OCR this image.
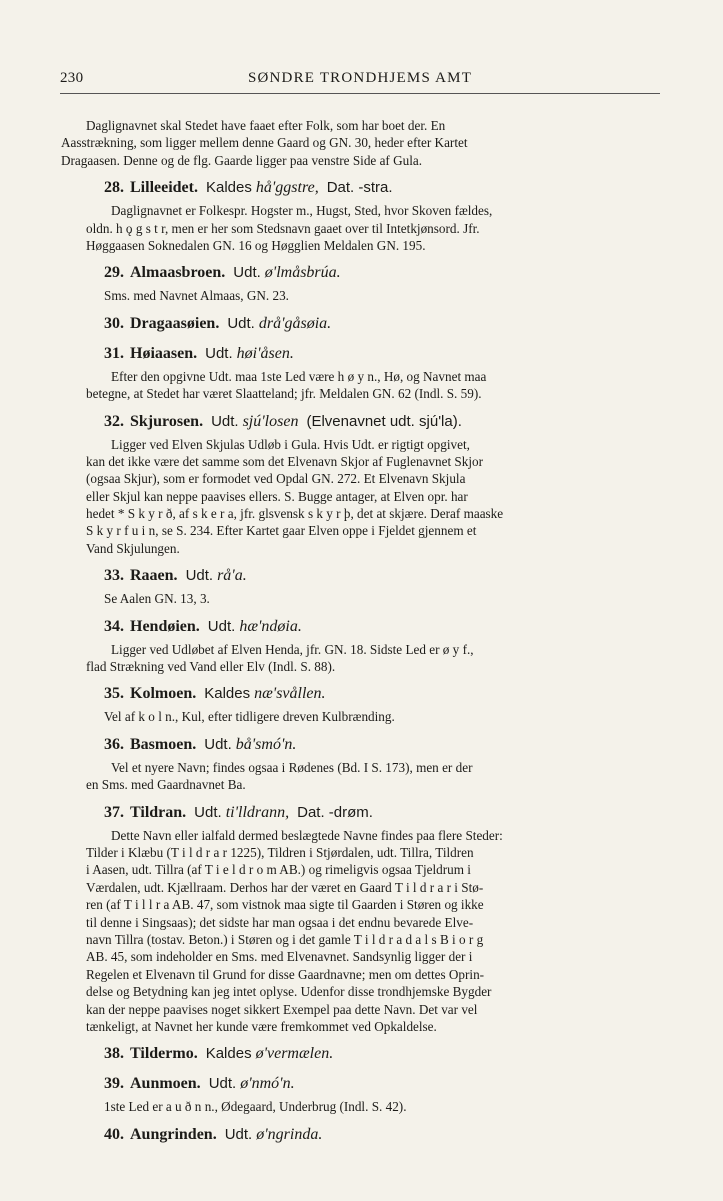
230	SØNDRE TRONDHJEMS AMT

Daglignavnet skal Stedet have faaet efter Folk, som har boet der. En
Aasstrækning, som ligger mellem denne Gaard og GN. 30, heder efter Kartet
Dragaasen. Denne og de flg. Gaarde ligger paa venstre Side af Gula.

28. Lilleeidet. Kaldes hå'ggstre, Dat. -stra.

Daglignavnet er Folkespr. Hogster m., Hugst, Sted, hvor Skoven fældes,
oldn. h ǫ g s t r, men er her som Stedsnavn gaaet over til Intetkjønsord. Jfr.
Høggaasen Soknedalen GN. 16 og Høgglien Meldalen GN. 195.

29. Almaasbroen. Udt. ø'lmåsbrúa.

Sms. med Navnet Almaas, GN. 23.

30. Dragaasøien. Udt. drå'gåsøia.
31. Høiaasen. Udt. høi'åsen.

Efter den opgivne Udt. maa 1ste Led være h ø y n., Hø, og Navnet maa
betegne, at Stedet har været Slaatteland; jfr. Meldalen GN. 62 (Indl. S. 59).

32. Skjurosen. Udt. sjú'losen (Elvenavnet udt. sjú'la).

Ligger ved Elven Skjulas Udløb i Gula. Hvis Udt. er rigtigt opgivet,
kan det ikke være det samme som det Elvenavn Skjor af Fuglenavnet Skjor
(ogsaa Skjur), som er formodet ved Opdal GN. 272. Et Elvenavn Skjula
eller Skjul kan neppe paavises ellers. S. Bugge antager, at Elven opr. har
hedet * S k y r ð, af s k e r a, jfr. glsvensk s k y r þ, det at skjære. Deraf maaske
S k y r f u i n, se S. 234. Efter Kartet gaar Elven oppe i Fjeldet gjennem et
Vand Skjulungen.

33. Raaen. Udt. rå'a.

Se Aalen GN. 13, 3.

34. Hendøien. Udt. hæ'ndøia.

Ligger ved Udløbet af Elven Henda, jfr. GN. 18. Sidste Led er ø y f.,
flad Strækning ved Vand eller Elv (Indl. S. 88).

35. Kolmoen. Kaldes næ'svållen.

Vel af k o l n., Kul, efter tidligere dreven Kulbrænding.

36. Basmoen. Udt. bå'smó'n.

Vel et nyere Navn; findes ogsaa i Rødenes (Bd. I S. 173), men er der
en Sms. med Gaardnavnet Ba.

37. Tildran. Udt. ti'lldrann, Dat. -drøm.

Dette Navn eller ialfald dermed beslægtede Navne findes paa flere Steder:
Tilder i Klæbu (T i l d r a r 1225), Tildren i Stjørdalen, udt. Tillra, Tildren
i Aasen, udt. Tillra (af T i e l d r o m AB.) og rimeligvis ogsaa Tjeldrum i
Værdalen, udt. Kjællraam. Derhos har der været en Gaard T i l d r a r i Stø-
ren (af T i l l r a AB. 47, som vistnok maa sigte til Gaarden i Støren og ikke
til denne i Singsaas); det sidste har man ogsaa i det endnu bevarede Elve-
navn Tillra (tostav. Beton.) i Støren og i det gamle T i l d r a d a l s B i o r g
AB. 45, som indeholder en Sms. med Elvenavnet. Sandsynlig ligger der i
Regelen et Elvenavn til Grund for disse Gaardnavne; men om dettes Oprin-
delse og Betydning kan jeg intet oplyse. Udenfor disse trondhjemske Bygder
kan der neppe paavises noget sikkert Exempel paa dette Navn. Det var vel
tænkeligt, at Navnet her kunde være fremkommet ved Opkaldelse.

38. Tildermo. Kaldes ø'vermælen.
39. Aunmoen. Udt. ø'nmó'n.

1ste Led er a u ð n n., Ødegaard, Underbrug (Indl. S. 42).

40. Aungrinden. Udt. ø'ngrinda.
